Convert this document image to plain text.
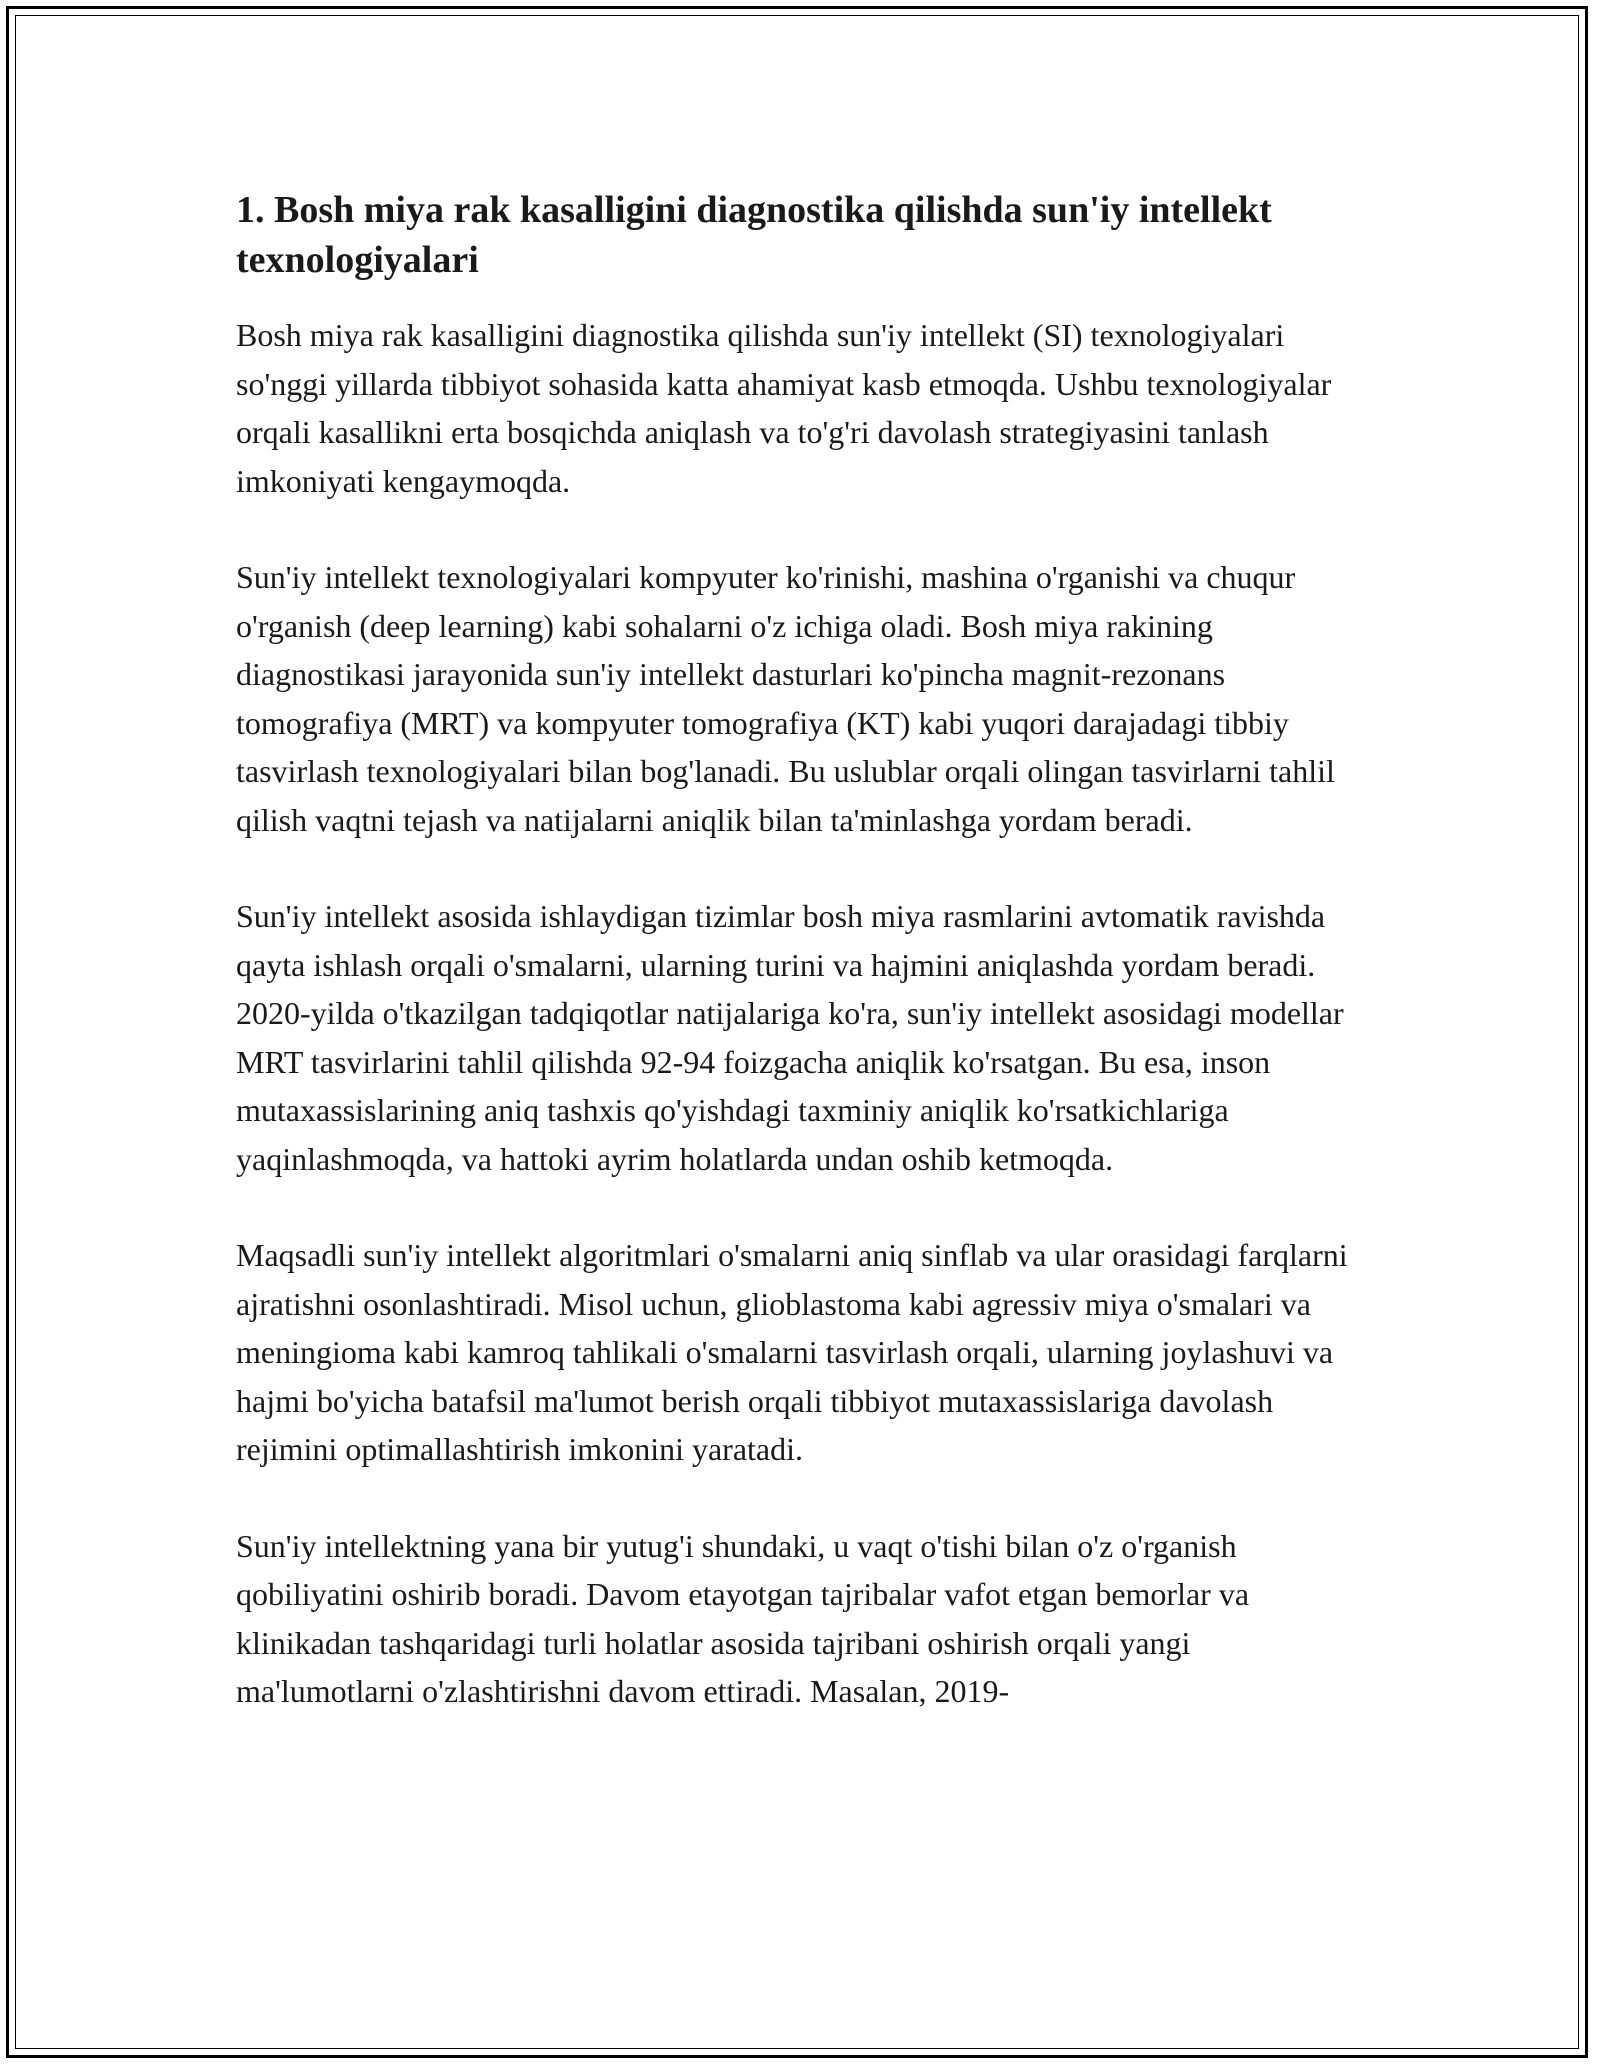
1. Bosh miya rak kasalligini diagnostika qilishda sun'iy intellekt texnologiyalari

Bosh miya rak kasalligini diagnostika qilishda sun'iy intellekt (SI) texnologiyalari so'nggi yillarda tibbiyot sohasida katta ahamiyat kasb etmoqda. Ushbu texnologiyalar orqali kasallikni erta bosqichda aniqlash va to'g'ri davolash strategiyasini tanlash imkoniyati kengaymoqda.

Sun'iy intellekt texnologiyalari kompyuter ko'rinishi, mashina o'rganishi va chuqur o'rganish (deep learning) kabi sohalarni o'z ichiga oladi. Bosh miya rakining diagnostikasi jarayonida sun'iy intellekt dasturlari ko'pincha magnit-rezonans tomografiya (MRT) va kompyuter tomografiya (KT) kabi yuqori darajadagi tibbiy tasvirlash texnologiyalari bilan bog'lanadi. Bu uslublar orqali olingan tasvirlarni tahlil qilish vaqtni tejash va natijalarni aniqlik bilan ta'minlashga yordam beradi.

Sun'iy intellekt asosida ishlaydigan tizimlar bosh miya rasmlarini avtomatik ravishda qayta ishlash orqali o'smalarni, ularning turini va hajmini aniqlashda yordam beradi. 2020-yilda o'tkazilgan tadqiqotlar natijalariga ko'ra, sun'iy intellekt asosidagi modellar MRT tasvirlarini tahlil qilishda 92-94 foizgacha aniqlik ko'rsatgan. Bu esa, inson mutaxassislarining aniq tashxis qo'yishdagi taxminiy aniqlik ko'rsatkichlariga yaqinlashmoqda, va hattoki ayrim holatlarda undan oshib ketmoqda.

Maqsadli sun'iy intellekt algoritmlari o'smalarni aniq sinflab va ular orasidagi farqlarni ajratishni osonlashtiradi. Misol uchun, glioblastoma kabi agressiv miya o'smalari va meningioma kabi kamroq tahlikali o'smalarni tasvirlash orqali, ularning joylashuvi va hajmi bo'yicha batafsil ma'lumot berish orqali tibbiyot mutaxassislariga davolash rejimini optimallashtirish imkonini yaratadi.

Sun'iy intellektning yana bir yutug'i shundaki, u vaqt o'tishi bilan o'z o'rganish qobiliyatini oshirib boradi. Davom etayotgan tajribalar vafot etgan bemorlar va klinikadan tashqaridagi turli holatlar asosida tajribani oshirish orqali yangi ma'lumotlarni o'zlashtirishni davom ettiradi. Masalan, 2019-
